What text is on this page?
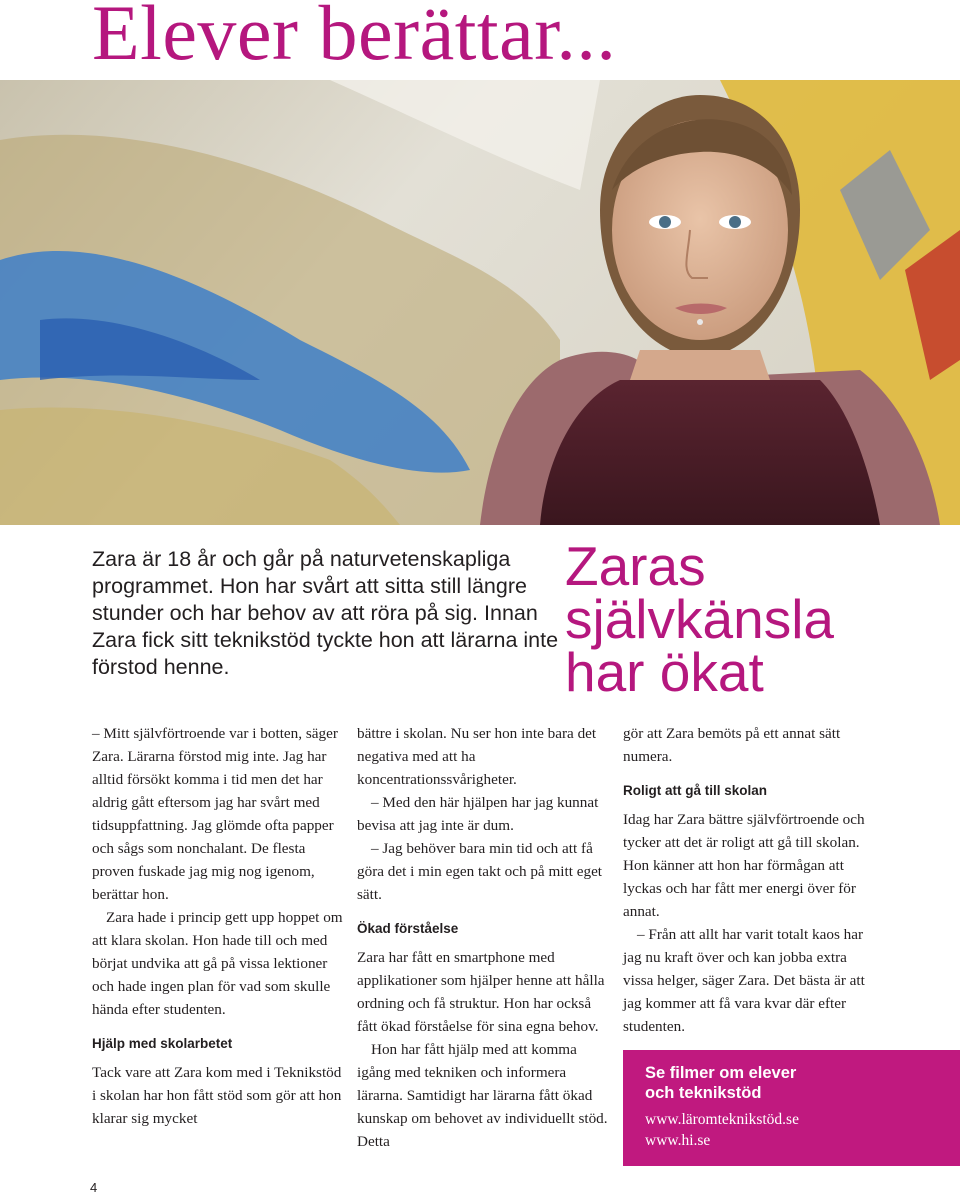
Elever berättar...

Zara är 18 år och går på naturvetenskapliga programmet. Hon har svårt att sitta still längre stunder och har behov av att röra på sig. Innan Zara fick sitt teknikstöd tyckte hon att lärarna inte förstod henne.

Zaras
självkänsla
har ökat

– Mitt självförtroende var i botten, säger Zara. Lärarna förstod mig inte. Jag har alltid försökt komma i tid men det har aldrig gått eftersom jag har svårt med tidsuppfattning. Jag glömde ofta papper och sågs som nonchalant. De flesta proven fuskade jag mig nog igenom, berättar hon.

Zara hade i princip gett upp hoppet om att klara skolan. Hon hade till och med börjat undvika att gå på vissa lektioner och hade ingen plan för vad som skulle hända efter studenten.

Hjälp med skolarbetet

Tack vare att Zara kom med i Teknikstöd i skolan har hon fått stöd som gör att hon klarar sig mycket

bättre i skolan. Nu ser hon inte bara det negativa med att ha koncentrationssvårigheter.

– Med den här hjälpen har jag kunnat bevisa att jag inte är dum.

– Jag behöver bara min tid och att få göra det i min egen takt och på mitt eget sätt.

Ökad förståelse

Zara har fått en smartphone med applikationer som hjälper henne att hålla ordning och få struktur. Hon har också fått ökad förståelse för sina egna behov.

Hon har fått hjälp med att komma igång med tekniken och informera lärarna. Samtidigt har lärarna fått ökad kunskap om behovet av individuellt stöd. Detta

gör att Zara bemöts på ett annat sätt numera.

Roligt att gå till skolan

Idag har Zara bättre självförtroende och tycker att det är roligt att gå till skolan. Hon känner att hon har förmågan att lyckas och har fått mer energi över för annat.

– Från att allt har varit totalt kaos har jag nu kraft över och kan jobba extra vissa helger, säger Zara. Det bästa är att jag kommer att få vara kvar där efter studenten.

Se filmer om elever
och teknikstöd
www.läromteknikstöd.se
www.hi.se
4
